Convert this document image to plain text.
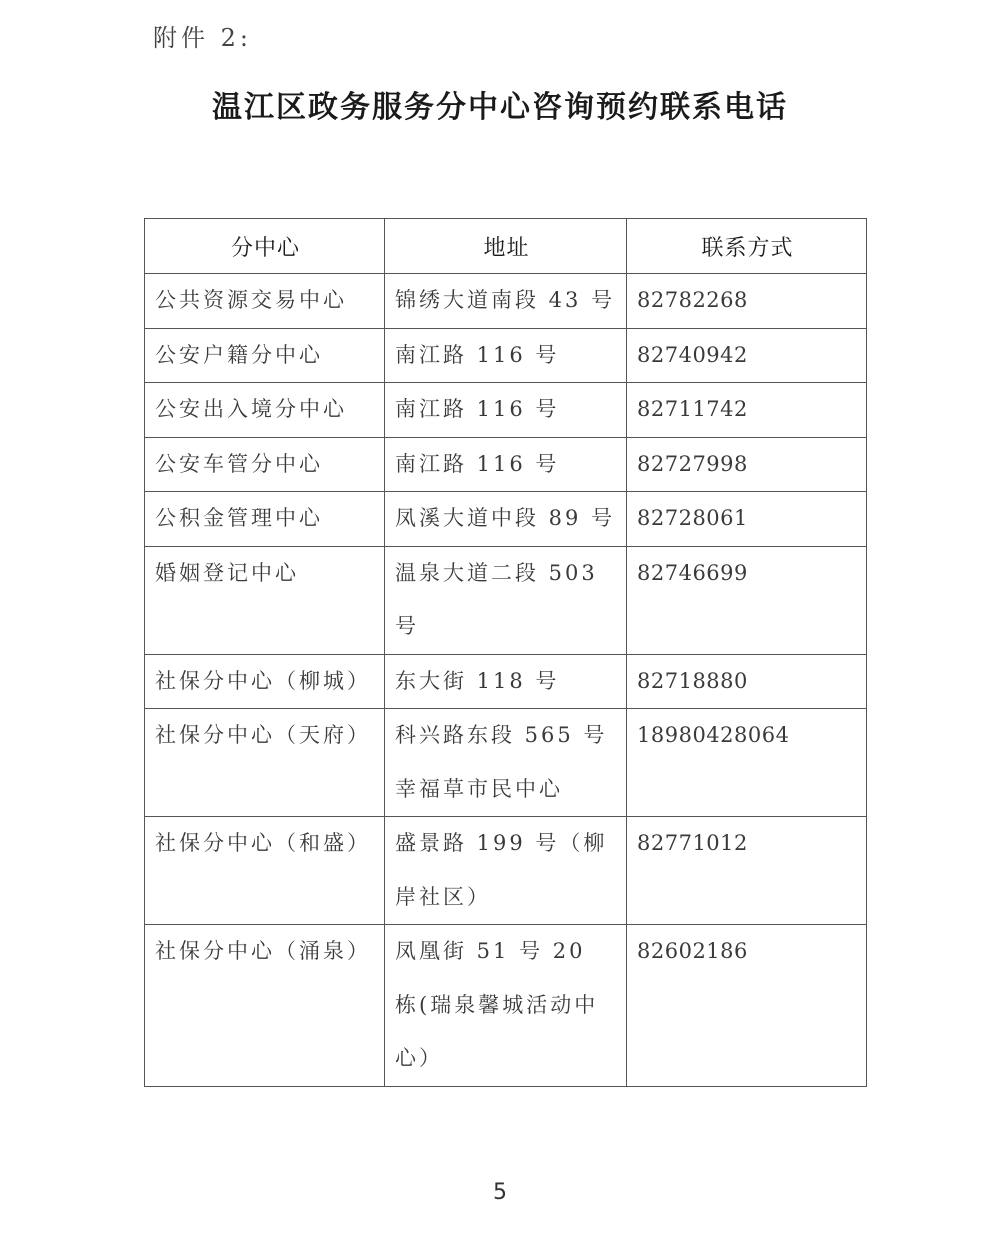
附件 2:
温江区政务服务分中心咨询预约联系电话
分中心	地址	联系方式
公共资源交易中心	锦绣大道南段 43 号	82782268
公安户籍分中心	南江路 116 号	82740942
公安出入境分中心	南江路 116 号	82711742
公安车管分中心	南江路 116 号	82727998
公积金管理中心	凤溪大道中段 89 号	82728061
婚姻登记中心	温泉大道二段 503 号	82746699
社保分中心（柳城）	东大街 118 号	82718880
社保分中心（天府）	科兴路东段 565 号幸福草市民中心	18980428064
社保分中心（和盛）	盛景路 199 号（柳岸社区）	82771012
社保分中心（涌泉）	凤凰街 51 号 20 栋(瑞泉馨城活动中心）	82602186
5
